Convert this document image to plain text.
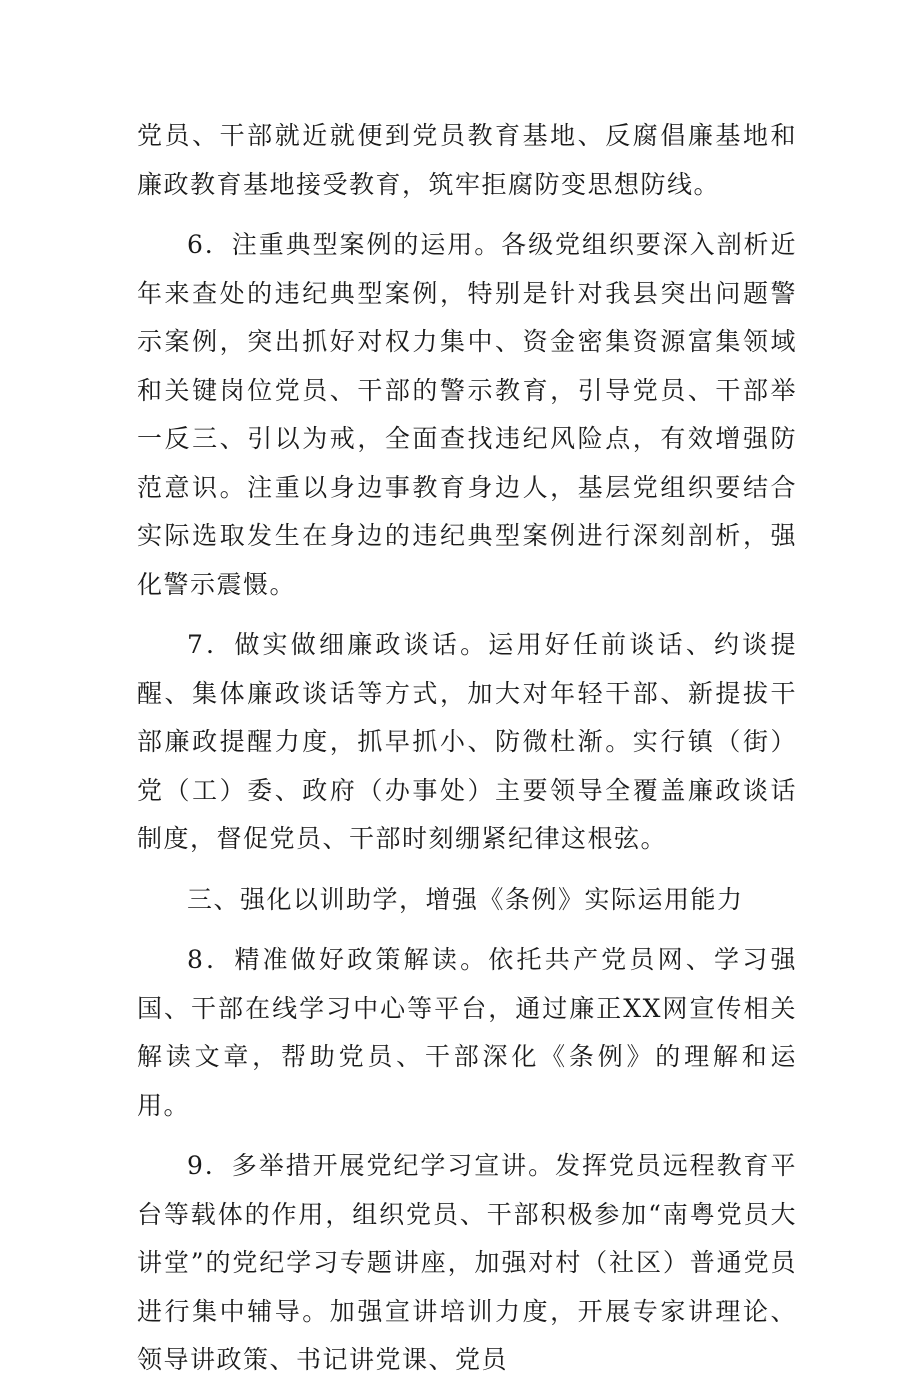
党员、干部就近就便到党员教育基地、反腐倡廉基地和廉政教育基地接受教育，筑牢拒腐防变思想防线。

6．注重典型案例的运用。各级党组织要深入剖析近年来查处的违纪典型案例，特别是针对我县突出问题警示案例，突出抓好对权力集中、资金密集资源富集领域和关键岗位党员、干部的警示教育，引导党员、干部举一反三、引以为戒，全面查找违纪风险点，有效增强防范意识。注重以身边事教育身边人，基层党组织要结合实际选取发生在身边的违纪典型案例进行深刻剖析，强化警示震慑。

7．做实做细廉政谈话。运用好任前谈话、约谈提醒、集体廉政谈话等方式，加大对年轻干部、新提拔干部廉政提醒力度，抓早抓小、防微杜渐。实行镇（街）党（工）委、政府（办事处）主要领导全覆盖廉政谈话制度，督促党员、干部时刻绷紧纪律这根弦。

三、强化以训助学，增强《条例》实际运用能力

8．精准做好政策解读。依托共产党员网、学习强国、干部在线学习中心等平台，通过廉正XX网宣传相关解读文章，帮助党员、干部深化《条例》的理解和运用。

9．多举措开展党纪学习宣讲。发挥党员远程教育平台等载体的作用，组织党员、干部积极参加“南粤党员大讲堂”的党纪学习专题讲座，加强对村（社区）普通党员进行集中辅导。加强宣讲培训力度，开展专家讲理论、领导讲政策、书记讲党课、党员
